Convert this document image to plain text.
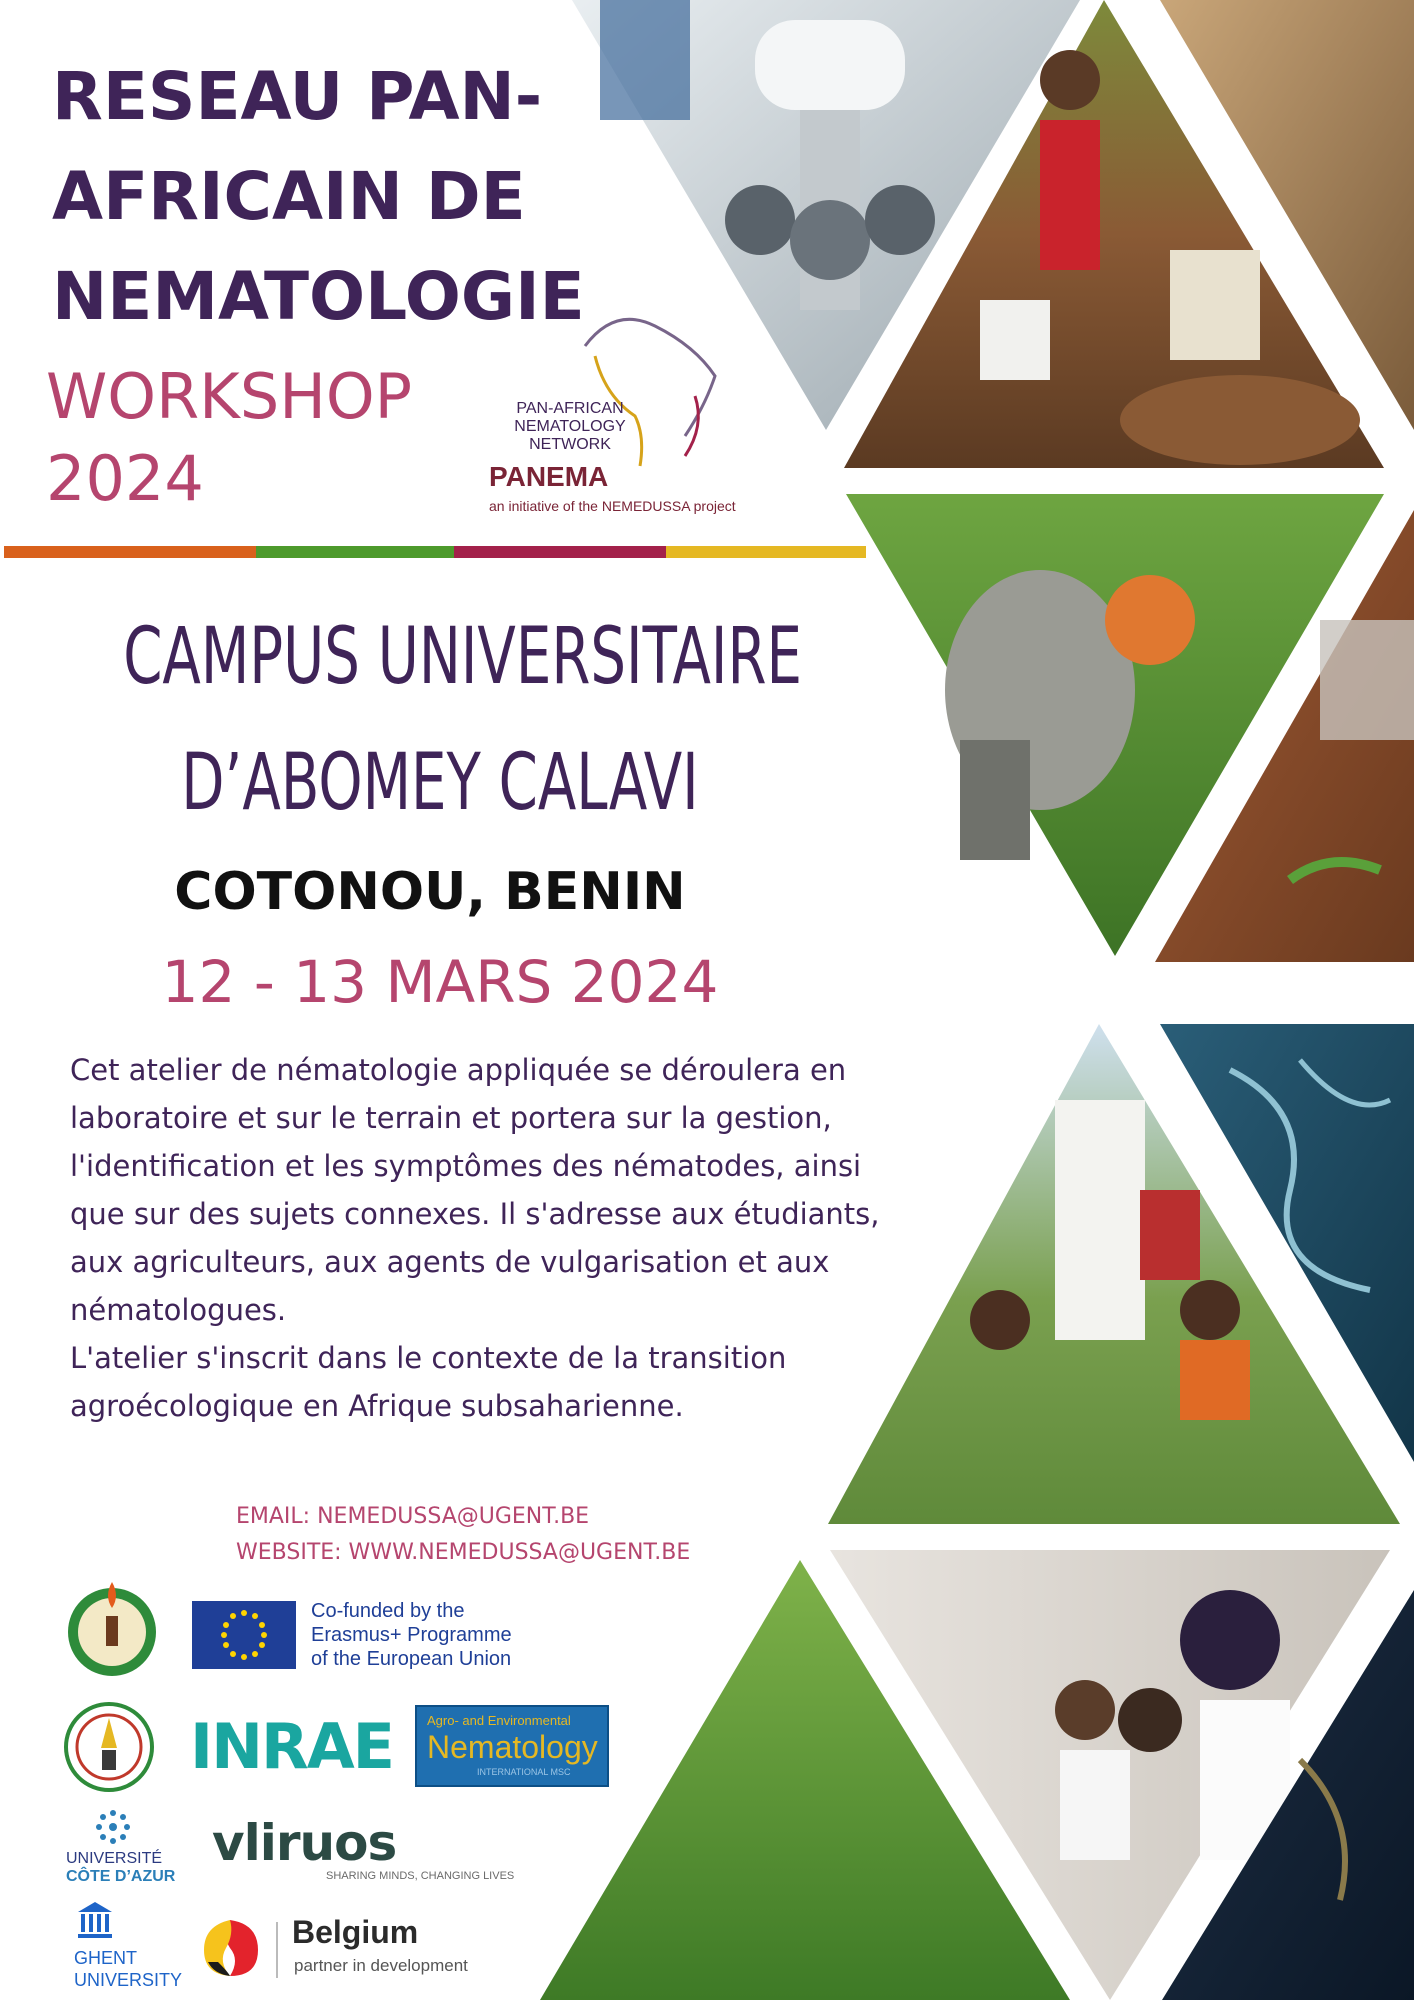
RESEAU PAN-
AFRICAIN DE
NEMATOLOGIE
WORKSHOP
2024
PAN-AFRICAN
NEMATOLOGY
NETWORK
PANEMA
an initiative of the NEMEDUSSA project
CAMPUS UNIVERSITAIRE
D’ABOMEY CALAVI
COTONOU, BENIN
12 - 13 MARS 2024

Cet atelier de nématologie appliquée se déroulera en laboratoire et sur le terrain et portera sur la gestion, l'identification et les symptômes des nématodes, ainsi que sur des sujets connexes. Il s'adresse aux étudiants, aux agriculteurs, aux agents de vulgarisation et aux nématologues.

L'atelier s'inscrit dans le contexte de la transition agroécologique en Afrique subsaharienne.

EMAIL: NEMEDUSSA@UGENT.BE
WEBSITE: WWW.NEMEDUSSA@UGENT.BE
Co-funded by the
Erasmus+ Programme
of the European Union
INRAE	Agro- and Environmental
Nematology
INTERNATIONAL MSC
UNIVERSITÉ
CÔTE D’AZUR
vliruos
SHARING MINDS, CHANGING LIVES
GHENT
UNIVERSITY
Belgium
partner in development
